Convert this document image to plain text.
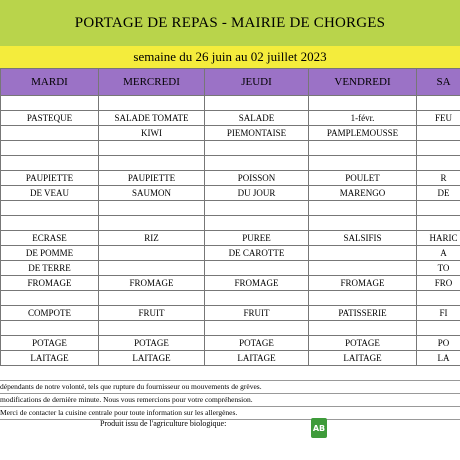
PORTAGE DE REPAS - MAIRIE DE CHORGES
semaine du 26 juin au 02 juillet 2023
MARDI	MERCREDI	JEUDI	VENDREDI	SA

PASTEQUE	SALADE TOMATE	SALADE	1-févr.	FEU
	KIWI	PIEMONTAISE	PAMPLEMOUSSE	

PAUPIETTE	PAUPIETTE	POISSON	POULET	R
DE VEAU	SAUMON	DU JOUR	MARENGO	DE

ECRASE	RIZ	PUREE	SALSIFIS	HARIC
DE POMME		DE CAROTTE		A
DE TERRE				TO
FROMAGE	FROMAGE	FROMAGE	FROMAGE	FRO

COMPOTE	FRUIT	FRUIT	PATISSERIE	FI

POTAGE	POTAGE	POTAGE	POTAGE	PO
LAITAGE	LAITAGE	LAITAGE	LAITAGE	LA
dépendants de notre volonté, tels que rupture du fournisseur ou mouvements de grèves.
modifications de dernière minute. Nous vous remercions pour votre compréhension.
Merci de contacter la cuisine centrale pour toute information sur les allergènes.
Produit issu de l'agriculture biologique:	AB
